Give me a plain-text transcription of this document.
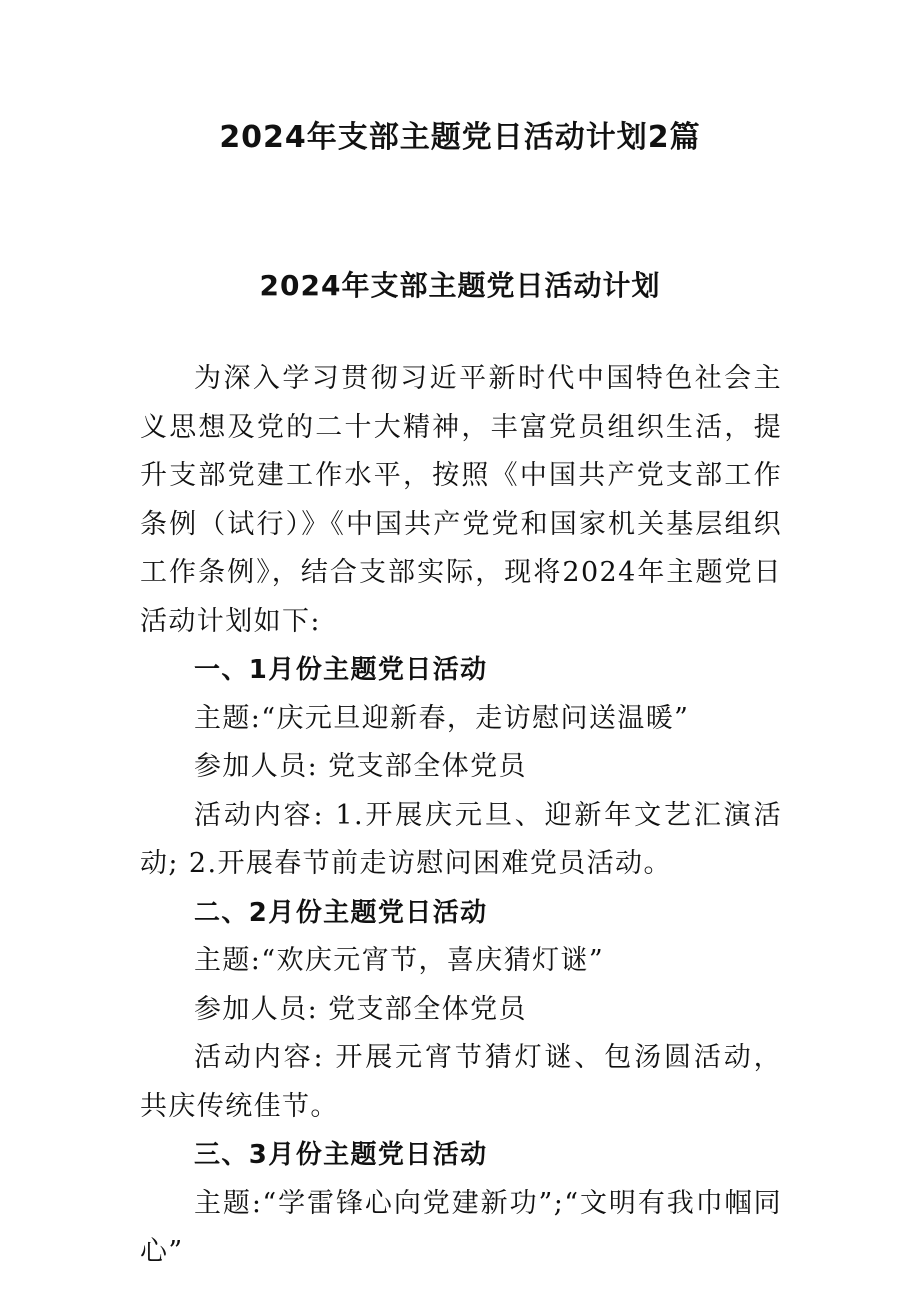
2024年支部主题党日活动计划2篇
2024年支部主题党日活动计划

为深入学习贯彻习近平新时代中国特色社会主义思想及党的二十大精神，丰富党员组织生活，提升支部党建工作水平，按照《中国共产党支部工作条例（试行）》《中国共产党党和国家机关基层组织工作条例》，结合支部实际，现将2024年主题党日活动计划如下:

一、1月份主题党日活动

主题:“庆元旦迎新春，走访慰问送温暖”

参加人员: 党支部全体党员

活动内容: 1.开展庆元旦、迎新年文艺汇演活动; 2.开展春节前走访慰问困难党员活动。

二、2月份主题党日活动

主题:“欢庆元宵节，喜庆猜灯谜”

参加人员: 党支部全体党员

活动内容: 开展元宵节猜灯谜、包汤圆活动，共庆传统佳节。

三、3月份主题党日活动

主题:“学雷锋心向党建新功”;“文明有我巾帼同心”
